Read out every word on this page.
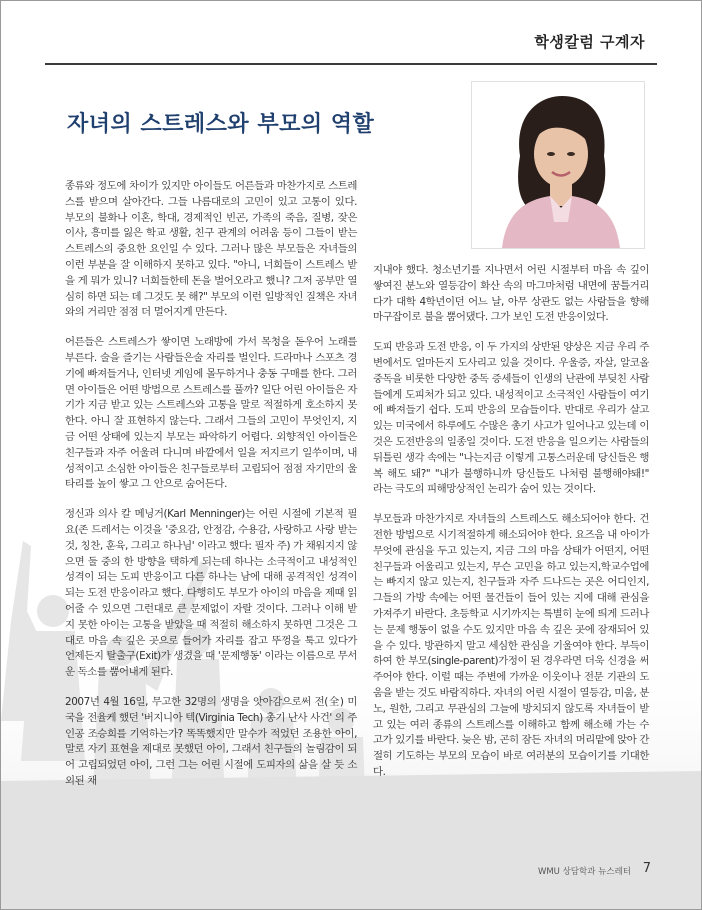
학생칼럼 구계자
자녀의 스트레스와 부모의 역할

종류와 정도에 차이가 있지만 아이들도 어른들과 마찬가지로 스트레스를 받으며 살아간다. 그들 나름대로의 고민이 있고 고통이 있다. 부모의 불화나 이혼, 학대, 경제적인 빈곤, 가족의 죽음, 질병, 잦은 이사, 흥미를 잃은 학교 생활, 친구 관계의 어려움 등이 그들이 받는 스트레스의 중요한 요인일 수 있다. 그러나 많은 부모들은 자녀들의 이런 부분을 잘 이해하지 못하고 있다. "아니, 너희들이 스트레스 받을 게 뭐가 있니? 너희들한테 돈을 벌어오라고 했니? 그저 공부만 열심히 하면 되는 데 그것도 못 해?" 부모의 이런 일방적인 질책은 자녀와의 거리만 점점 더 멀어지게 만든다.

어른들은 스트레스가 쌓이면 노래방에 가서 목청을 돋우어 노래를 부른다. 술을 즐기는 사람들은술 자리를 벌인다. 드라마나 스포츠 경기에 빠져들거나, 인터넷 게임에 몰두하거나 충동 구매를 한다. 그러면 아이들은 어떤 방법으로 스트레스를 풀까? 일단 어린 아이들은 자기가 지금 받고 있는 스트레스와 고통을 말로 적절하게 호소하지 못한다. 아니 잘 표현하지 않는다. 그래서 그들의 고민이 무엇인지, 지금 어떤 상태에 있는지 부모는 파악하기 어렵다. 외향적인 아이들은 친구들과 자주 어울려 다니며 바깥에서 일을 저지르기 일쑤이며, 내성적이고 소심한 아이들은 친구들로부터 고립되어 점점 자기만의 울타리를 높이 쌓고 그 안으로 숨어든다.

정신과 의사 칼 메닝거(Karl Menninger)는 어린 시절에 기본적 필요(존 드레서는 이것을 '중요감, 안정감, 수용감, 사랑하고 사랑 받는 것, 칭찬, 훈육, 그리고 하나님' 이라고 했다: 필자 주) 가 채워지지 않으면 둘 중의 한 방향을 택하게 되는데 하나는 소극적이고 내성적인 성격이 되는 도피 반응이고 다른 하나는 남에 대해 공격적인 성격이 되는 도전 반응이라고 했다. 다행히도 부모가 아이의 마음을 제때 읽어줄 수 있으면 그런대로 큰 문제없이 자랄 것이다. 그러나 이해 받지 못한 아이는 고통을 받았을 때 적절히 해소하지 못하면 그것은 그대로 마음 속 깊은 곳으로 들어가 자리를 잡고 뚜껑을 툭고 있다가 언제든지 탈출구(Exit)가 생겼을 때 '문제행동' 이라는 이름으로 무서운 독소를 뿜어내게 된다.

2007년 4월 16일, 무고한 32명의 생명을 앗아감으로써 전(全) 미국을 전율케 했던 '버지니아 텍(Virginia Tech) 총기 난사 사건' 의 주인공 조승희를 기억하는가? 똑똑했지만 말수가 적었던 조용한 아이, 말로 자기 표현을 제대로 못했던 아이, 그래서 친구들의 놀림감이 되어 고립되었던 아이, 그런 그는 어린 시절에 도피자의 삶을 살 듯 소외된 채

지내야 했다. 청소년기를 지나면서 어린 시절부터 마음 속 깊이 쌓여진 분노와 열등감이 화산 속의 마그마처럼 내면에 꿈틀거리다가 대학 4학년이던 어느 날, 아무 상관도 없는 사람들을 향해 마구잡이로 불을 뿜어댔다. 그가 보인 도전 반응이었다.

도피 반응과 도전 반응, 이 두 가지의 상반된 양상은 지금 우리 주변에서도 얼마든지 도사리고 있을 것이다. 우울증, 자살, 알코올 중독을 비롯한 다양한 중독 증세들이 인생의 난관에 부딪친 사람들에게 도피처가 되고 있다. 내성적이고 소극적인 사람들이 여기에 빠져들기 쉽다. 도피 반응의 모습들이다. 반대로 우리가 살고 있는 미국에서 하루에도 수많은 총기 사고가 일어나고 있는데 이것은 도전반응의 일종일 것이다. 도전 반응을 일으키는 사람들의 뒤틀린 생각 속에는 "나는지금 이렇게 고통스러운데 당신들은 행복 해도 돼?" "내가 불행하니까 당신들도 나처럼 불행해야돼!" 라는 극도의 피해망상적인 논리가 숨어 있는 것이다.

부모들과 마찬가지로 자녀들의 스트레스도 해소되어야 한다. 건전한 방법으로 시기적절하게 해소되어야 한다. 요즈음 내 아이가 무엇에 관심을 두고 있는지, 지금 그의 마음 상태가 어떤지, 어떤 친구들과 어울리고 있는지, 무슨 고민을 하고 있는지,학교수업에는 빠지지 않고 있는지, 친구들과 자주 드나드는 곳은 어디인지, 그들의 가방 속에는 어떤 물건들이 들어 있는 지에 대해 관심을 가져주기 바란다. 초등학교 시기까지는 특별히 눈에 띄게 드러나는 문제 행동이 없을 수도 있지만 마음 속 깊은 곳에 잠재되어 있을 수 있다. 방관하지 말고 세심한 관심을 기울여야 한다. 부득이하여 한 부모(single-parent)가정이 된 경우라면 더욱 신경을 써 주어야 한다. 이럴 때는 주변에 가까운 이웃이나 전문 기관의 도움을 받는 것도 바람직하다. 자녀의 어린 시절이 열등감, 미움, 분노, 원한, 그리고 무관심의 그늘에 방치되지 않도록 자녀들이 받고 있는 여러 종류의 스트레스를 이해하고 함께 해소해 가는 수고가 있기를 바란다. 늦은 밤, 곤히 잠든 자녀의 머리맡에 앉아 간절히 기도하는 부모의 모습이 바로 여러분의 모습이기를 기대한다.

WMU 상담학과 뉴스레터 7
